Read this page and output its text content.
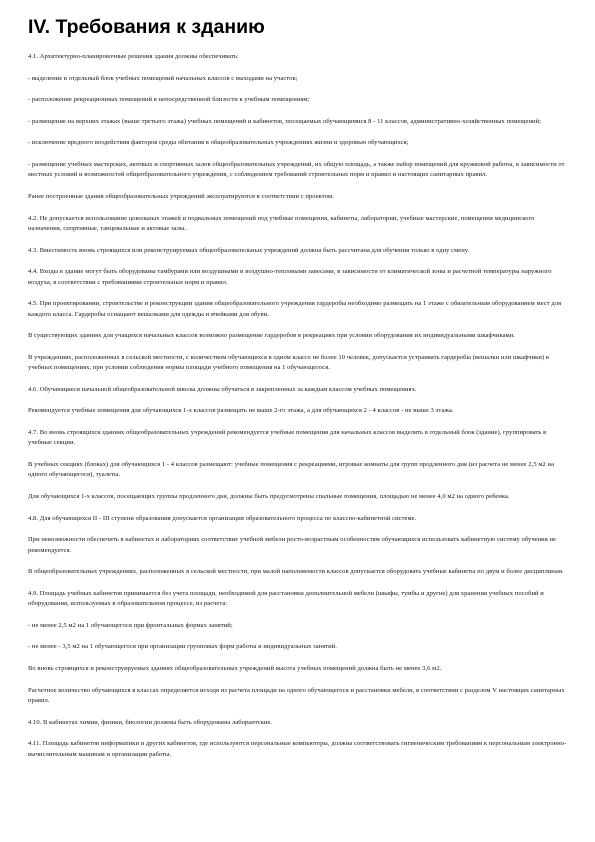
IV. Требования к зданию

4.1. Архитектурно-планировочные решения здания должны обеспечивать:

- выделение в отдельный блок учебных помещений начальных классов с выходами на участок;

- расположение рекреационных помещений в непосредственной близости к учебным помещениям;

- размещение на верхних этажах (выше третьего этажа) учебных помещений и кабинетов, посещаемых обучающимися 8 - 11 классов, административно-хозяйственных помещений;

- исключение вредного воздействия факторов среды обитания в общеобразовательных учреждениях жизни и здоровью обучающихся;

- размещение учебных мастерских, актовых и спортивных залов общеобразовательных учреждений, их общую площадь, а также набор помещений для кружковой работы, в зависимости от местных условий и возможностей общеобразовательного учреждения, с соблюдением требований строительных норм и правил и настоящих санитарных правил.

Ранее построенные здания общеобразовательных учреждений эксплуатируются в соответствии с проектом.

4.2. Не допускается использование цокольных этажей и подвальных помещений под учебные помещения, кабинеты, лаборатории, учебные мастерские, помещения медицинского назначения, спортивные, танцевальные и актовые залы.

4.3. Вместимость вновь строящихся или реконструируемых общеобразовательных учреждений должна быть рассчитана для обучения только в одну смену.

4.4. Входы в здание могут быть оборудованы тамбурами или воздушными и воздушно-тепловыми завесами, в зависимости от климатической зоны и расчетной температуры наружного воздуха, в соответствии с требованиями строительных норм и правил.

4.5. При проектировании, строительстве и реконструкции здания общеобразовательного учреждения гардеробы необходимо размещать на 1 этаже с обязательным оборудованием мест для каждого класса. Гардеробы оснащают вешалками для одежды и ячейками для обуви.

В существующих зданиях для учащихся начальных классов возможно размещение гардеробов в рекреациях при условии оборудования их индивидуальными шкафчиками.

В учреждениях, расположенных в сельской местности, с количеством обучающихся в одном классе не более 10 человек, допускается устраивать гардеробы (вешалки или шкафчики) в учебных помещениях, при условии соблюдения нормы площади учебного помещения на 1 обучающегося.

4.6. Обучающиеся начальной общеобразовательной школы должны обучаться в закрепленных за каждым классом учебных помещениях.

Рекомендуется учебные помещения для обучающихся 1-х классов размещать не выше 2-го этажа, а для обучающихся 2 - 4 классов - не выше 3 этажа.

4.7. Во вновь строящихся зданиях общеобразовательных учреждений рекомендуется учебные помещения для начальных классов выделять в отдельный блок (здание), группировать в учебные секции.

В учебных секциях (блоках) для обучающихся 1 - 4 классов размещают: учебные помещения с рекреациями, игровые комнаты для групп продленного дня (из расчета не менее 2,5 м2 на одного обучающегося), туалеты.

Для обучающихся 1-х классов, посещающих группы продленного дня, должны быть предусмотрены спальные помещения, площадью не менее 4,0 м2 на одного ребенка.

4.8. Для обучающихся II - III ступени образования допускается организация образовательного процесса по классно-кабинетной системе.

При невозможности обеспечить в кабинетах и лабораториях соответствие учебной мебели росто-возрастным особенностям обучающихся использовать кабинетную систему обучения не рекомендуется.

В общеобразовательных учреждениях, расположенных в сельской местности, при малой наполняемости классов допускается оборудовать учебные кабинеты по двум и более дисциплинам.

4.9. Площадь учебных кабинетов принимается без учета площади, необходимой для расстановки дополнительной мебели (шкафы, тумбы и другие) для хранения учебных пособий и оборудования, используемых в образовательном процессе, из расчета:

- не менее 2,5 м2 на 1 обучающегося при фронтальных формах занятий;

- не менее - 3,5 м2 на 1 обучающегося при организации групповых форм работы и индивидуальных занятий.

Во вновь строящихся и реконструируемых зданиях общеобразовательных учреждений высота учебных помещений должна быть не менее 3,6 м2.

Расчетное количество обучающихся в классах определяется исходя из расчета площади на одного обучающегося и расстановки мебели, в соответствии с разделом V настоящих санитарных правил.

4.10. В кабинетах химии, физики, биологии должны быть оборудованы лаборантские.

4.11. Площадь кабинетов информатики и других кабинетов, где используются персональные компьютеры, должна соответствовать гигиеническим требованиям к персональным электронно-вычислительным машинам и организации работы.
